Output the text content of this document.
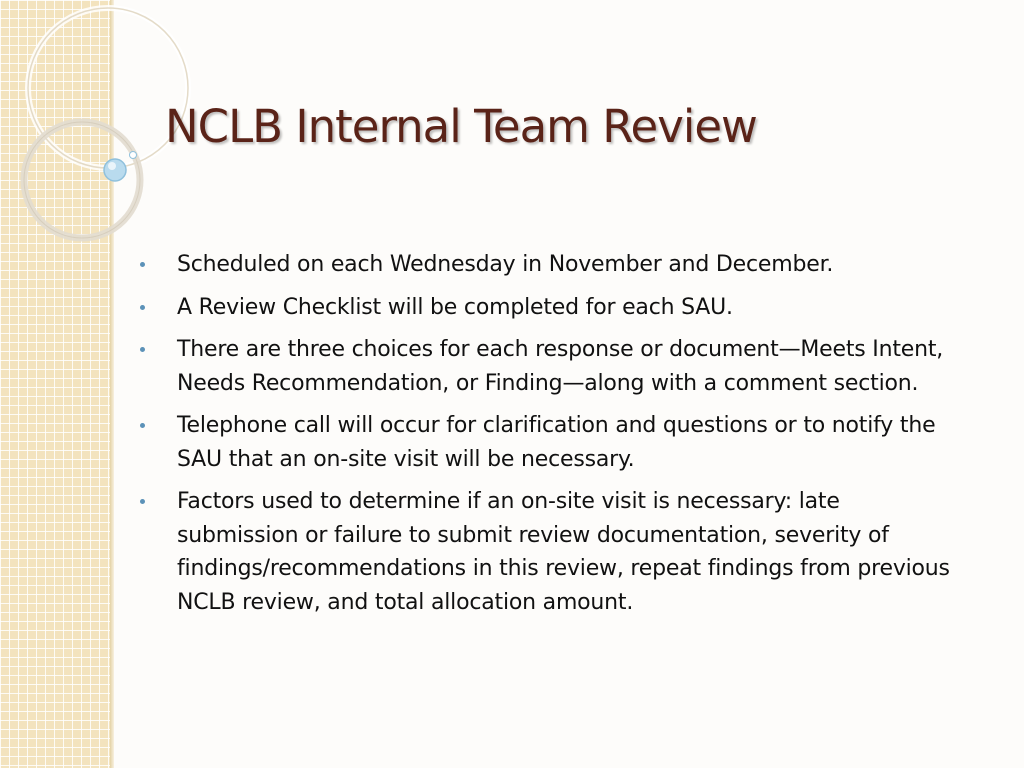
NCLB Internal Team Review
Scheduled on each Wednesday in November and December.
A Review Checklist will be completed for each SAU.
There are three choices for each response or document—Meets Intent, Needs Recommendation, or Finding—along with a comment section.
Telephone call will occur for clarification and questions or to notify the SAU that an on-site visit will be necessary.
Factors used to determine if an on-site visit is necessary: late submission or failure to submit review documentation, severity of findings/recommendations in this review, repeat findings from previous NCLB review, and total allocation amount.
